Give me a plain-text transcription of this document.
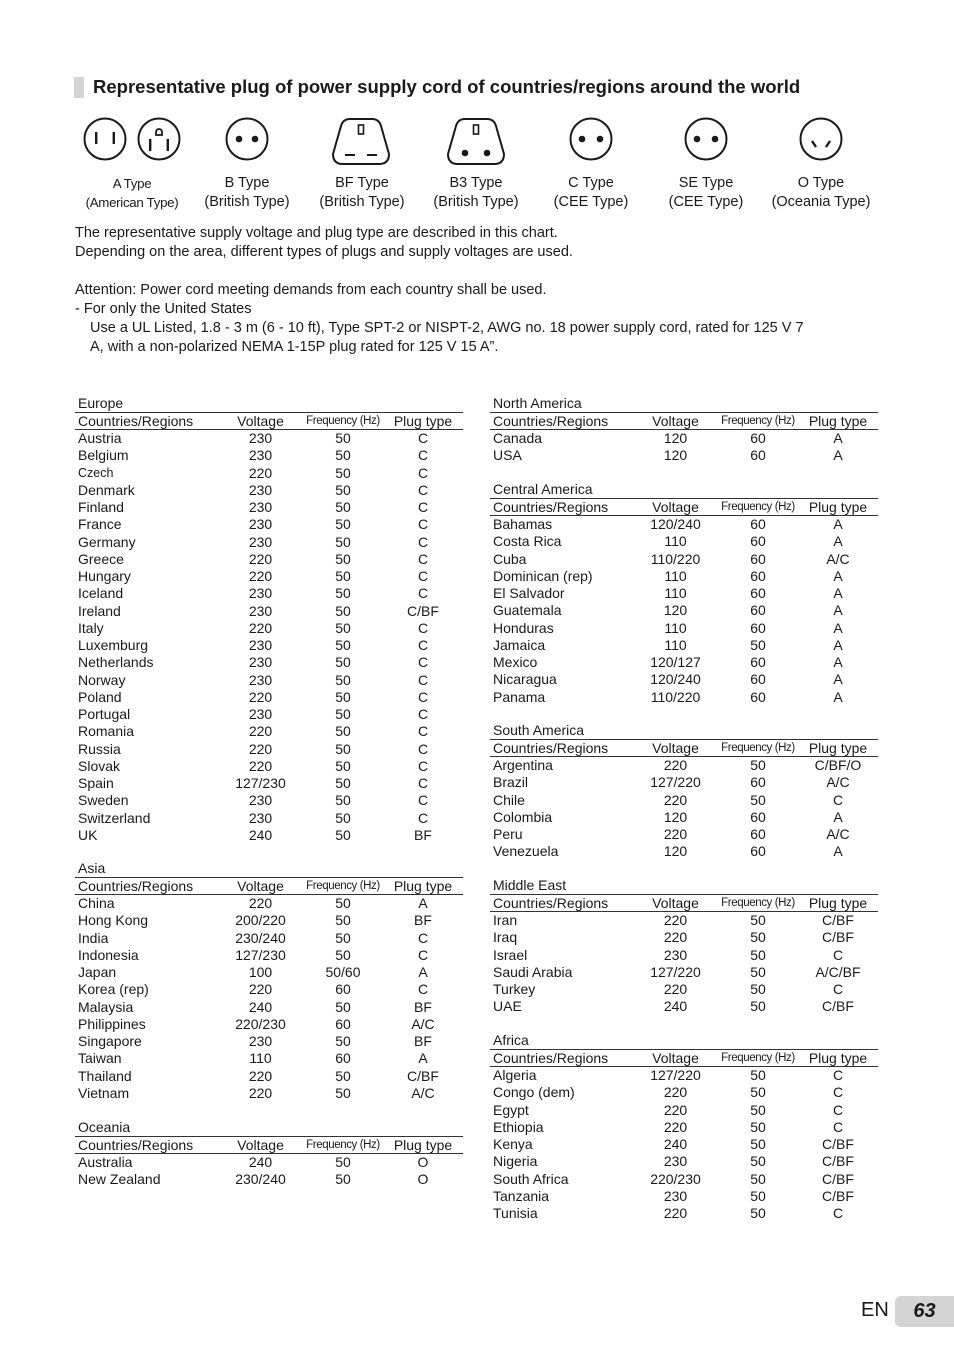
Representative plug of power supply cord of countries/regions around the world
A Type
(American Type)
B Type
(British Type)
BF Type
(British Type)
B3 Type
(British Type)
C Type
(CEE Type)
SE Type
(CEE Type)
O Type
(Oceania Type)
The representative supply voltage and plug type are described in this chart.
Depending on the area, different types of plugs and supply voltages are used.
Attention: Power cord meeting demands from each country shall be used.
- For only the United States
Use a UL Listed, 1.8 - 3 m (6 - 10 ft), Type SPT-2 or NISPT-2, AWG no. 18 power supply cord, rated for 125 V 7
A, with a non-polarized NEMA 1-15P plug rated for 125 V 15 A”.
Europe
Countries/Regions	Voltage	Frequency (Hz) Plug type
Austria	230	50	C
Belgium	230	50	C
Czech	220	50	C
Denmark	230	50	C
Finland	230	50	C
France	230	50	C
Germany	230	50	C
Greece	220	50	C
Hungary	220	50	C
Iceland	230	50	C
Ireland	230	50	C/BF
Italy	220	50	C
Luxemburg	230	50	C
Netherlands	230	50	C
Norway	230	50	C
Poland	220	50	C
Portugal	230	50	C
Romania	220	50	C
Russia	220	50	C
Slovak	220	50	C
Spain	127/230	50	C
Sweden	230	50	C
Switzerland	230	50	C
UK	240	50	BF
Asia
Countries/Regions	Voltage	Frequency (Hz) Plug type
China	220	50	A
Hong Kong	200/220	50	BF
India	230/240	50	C
Indonesia	127/230	50	C
Japan	100	50/60	A
Korea (rep)	220	60	C
Malaysia	240	50	BF
Philippines	220/230	60	A/C
Singapore	230	50	BF
Taiwan	110	60	A
Thailand	220	50	C/BF
Vietnam	220	50	A/C
Oceania
Countries/Regions	Voltage	Frequency (Hz) Plug type
Australia	240	50	O
New Zealand	230/240	50	O
North America
Countries/Regions	Voltage	Frequency (Hz) Plug type
Canada	120	60	A
USA	120	60	A
Central America
Countries/Regions	Voltage	Frequency (Hz) Plug type
Bahamas	120/240	60	A
Costa Rica	110	60	A
Cuba	110/220	60	A/C
Dominican (rep)	110	60	A
El Salvador	110	60	A
Guatemala	120	60	A
Honduras	110	60	A
Jamaica	110	50	A
Mexico	120/127	60	A
Nicaragua	120/240	60	A
Panama	110/220	60	A
South America
Countries/Regions	Voltage	Frequency (Hz) Plug type
Argentina	220	50	C/BF/O
Brazil	127/220	60	A/C
Chile	220	50	C
Colombia	120	60	A
Peru	220	60	A/C
Venezuela	120	60	A
Middle East
Countries/Regions	Voltage	Frequency (Hz) Plug type
Iran	220	50	C/BF
Iraq	220	50	C/BF
Israel	230	50	C
Saudi Arabia	127/220	50	A/C/BF
Turkey	220	50	C
UAE	240	50	C/BF
Africa
Countries/Regions	Voltage	Frequency (Hz) Plug type
Algeria	127/220	50	C
Congo (dem)	220	50	C
Egypt	220	50	C
Ethiopia	220	50	C
Kenya	240	50	C/BF
Nigeria	230	50	C/BF
South Africa	220/230	50	C/BF
Tanzania	230	50	C/BF
Tunisia	220	50	C
EN	63
